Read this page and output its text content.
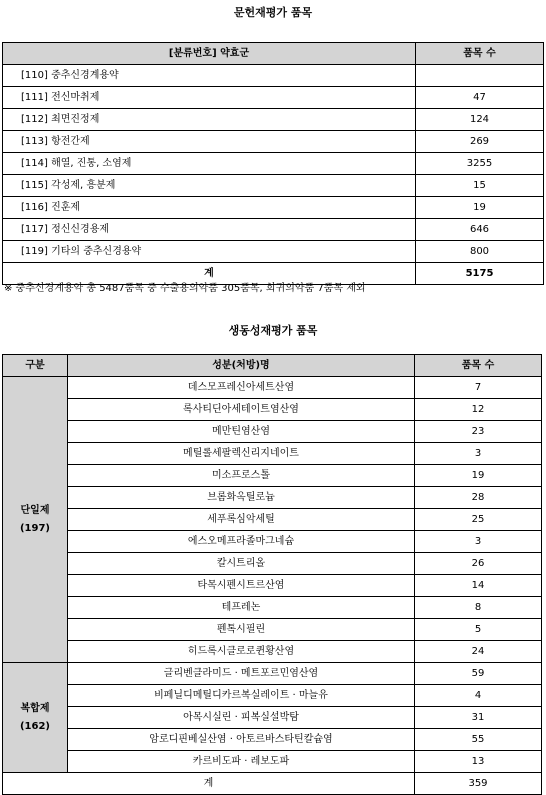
문헌재평가 품목
[분류번호] 약효군	품목 수
[110] 중추신경계용약	
[111] 전신마취제	47
[112] 최면진정제	124
[113] 항전간제	269
[114] 해열, 진통, 소염제	3255
[115] 각성제, 흥분제	15
[116] 진훈제	19
[117] 정신신경용제	646
[119] 기타의 중추신경용약	800
계	5175
※ 중추신경계용약 총 5487품목 중 수출용의약품 305품목, 희귀의약품 7품목 제외
생동성재평가 품목
구분	성분(처방)명	품목 수

단일제
(197)	데스모프레신아세트산염	7
	록사티딘아세테이트염산염	12
	메만틴염산염	23
	메틸롤세팔렉신리지네이트	3
	미소프로스톨	19
	브롬화옥틸로늄	28
	세푸록심악세틸	25
	에스오메프라졸마그네슘	3
	칼시트리올	26
	타목시펜시트르산염	14
	테프레논	8
	펜톡시필린	5
	히드록시클로로퀸황산염	24

복합제
(162)	글리벤클라미드 · 메트포르민염산염	59
	비페닐디메틸디카르복실레이트 · 마늘유	4
	아목시실린 · 피복실설박탐	31
	암로디핀베실산염 · 아토르바스타틴칼슘염	55
	카르비도파 · 레보도파	13
계		359
